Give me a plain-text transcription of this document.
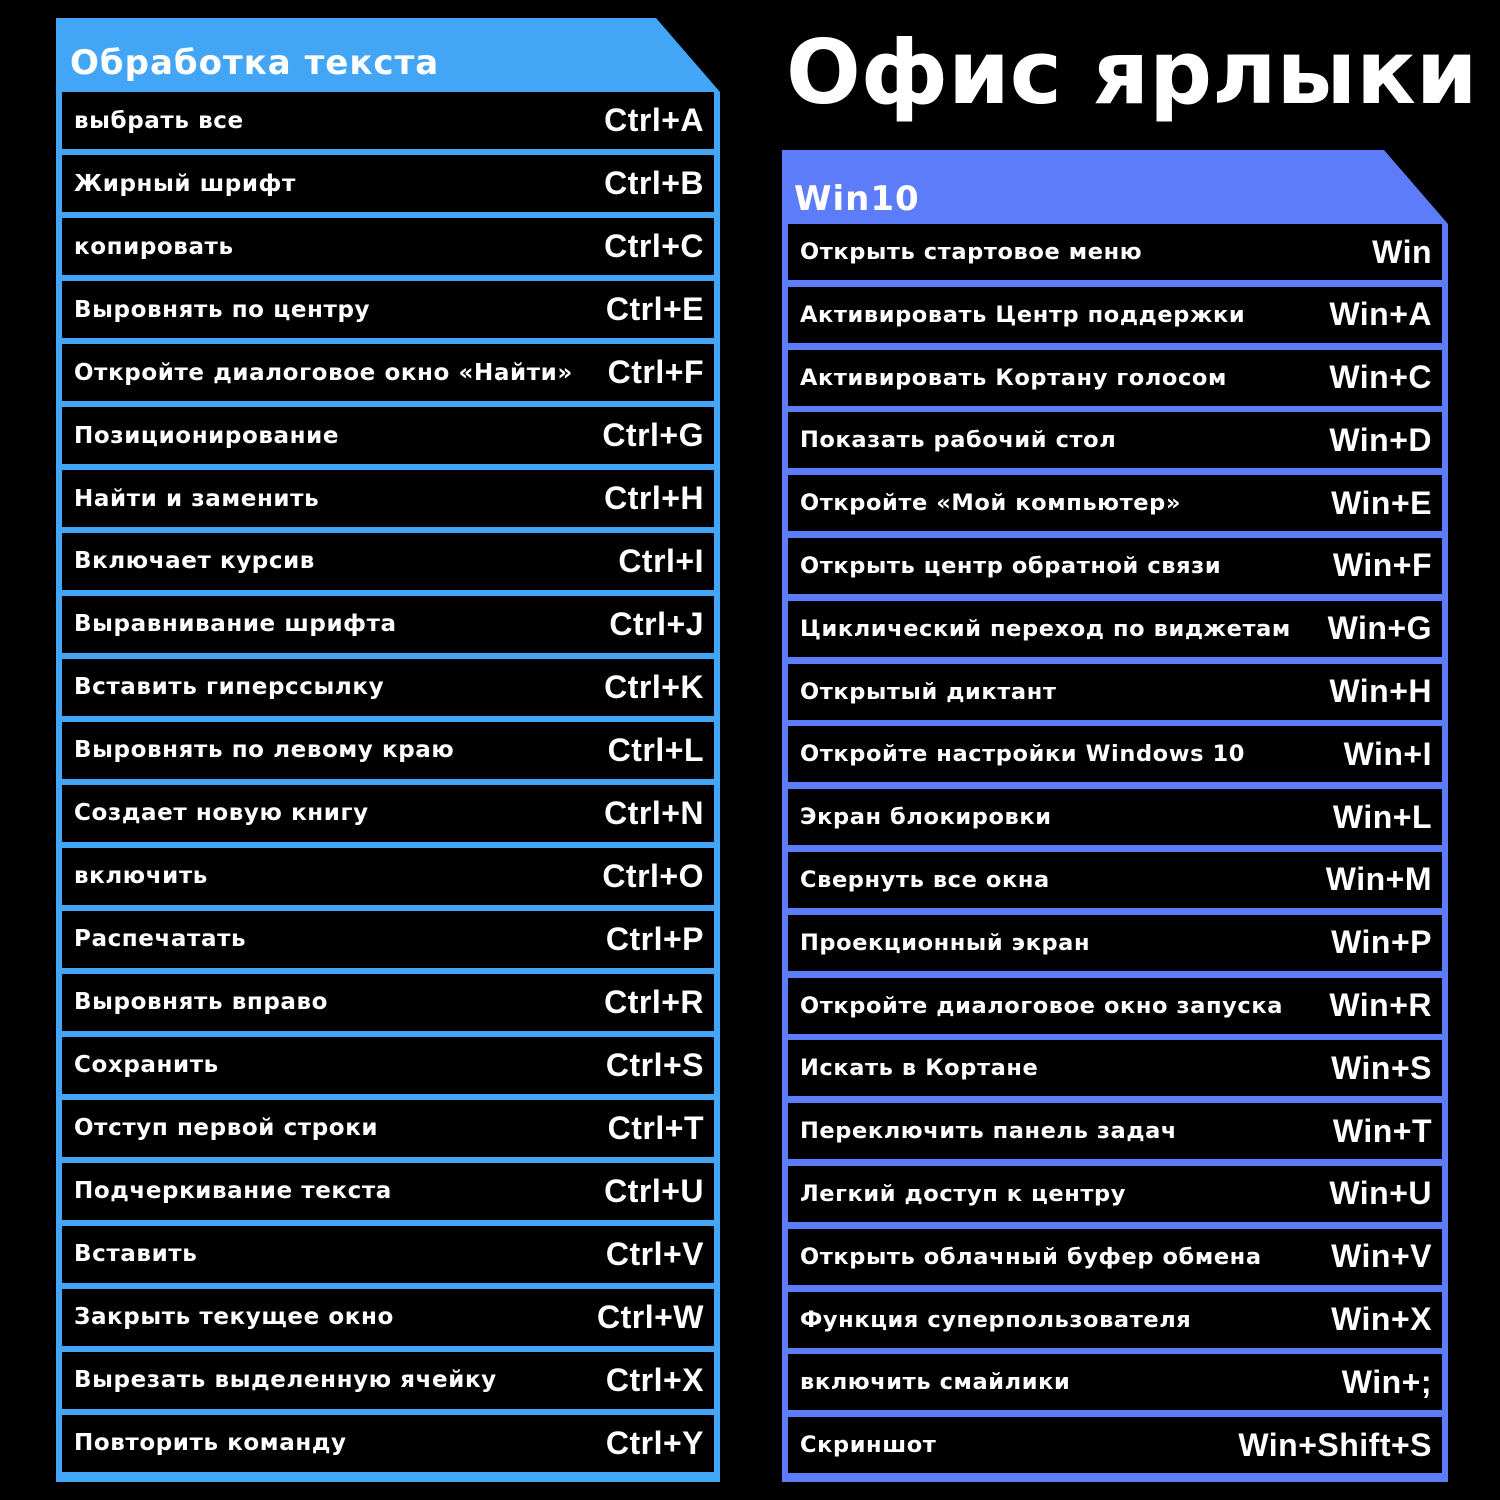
Офис ярлыки
Обработка текста
выбрать все	Ctrl+A
Жирный шрифт	Ctrl+B
копировать	Ctrl+C
Выровнять по центру	Ctrl+E
Откройте диалоговое окно «Найти» Ctrl+F
Позиционирование	Ctrl+G
Найти и заменить	Ctrl+H
Включает курсив	Ctrl+I
Выравнивание шрифта	Ctrl+J
Вставить гиперссылку	Ctrl+K
Выровнять по левому краю	Ctrl+L
Создает новую книгу	Ctrl+N
включить	Ctrl+O
Распечатать	Ctrl+P
Выровнять вправо	Ctrl+R
Сохранить	Ctrl+S
Отступ первой строки	Ctrl+T
Подчеркивание текста	Ctrl+U
Вставить	Ctrl+V
Закрыть текущее окно	Ctrl+W
Вырезать выделенную ячейку	Ctrl+X
Повторить команду	Ctrl+Y
Win10
Открыть стартовое меню	Win
Активировать Центр поддержки	Win+A
Активировать Кортану голосом	Win+C
Показать рабочий стол	Win+D
Откройте «Мой компьютер»	Win+E
Открыть центр обратной связи	Win+F
Циклический переход по виджетам Win+G
Открытый диктант	Win+H
Откройте настройки Windows 10	Win+I
Экран блокировки	Win+L
Свернуть все окна	Win+M
Проекционный экран	Win+P
Откройте диалоговое окно запуска Win+R
Искать в Кортане	Win+S
Переключить панель задач	Win+T
Легкий доступ к центру	Win+U
Открыть облачный буфер обмена Win+V
Функция суперпользователя	Win+X
включить смайлики	Win+;
Скриншот	Win+Shift+S
